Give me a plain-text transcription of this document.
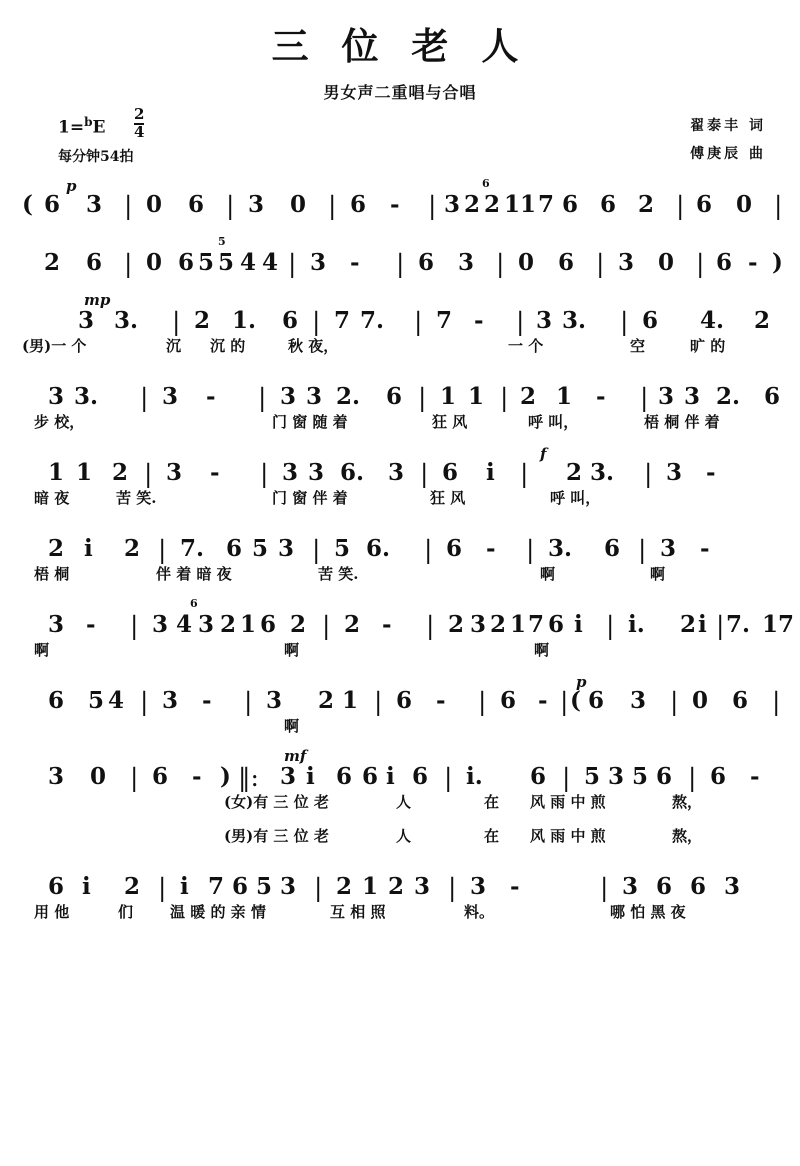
三 位 老 人
男女声二重唱与合唱
$1=^bE \frac{2}{4}$
每分钟54拍
翟泰丰 词
傅庚辰 曲
p
( 6 3 | 0 6 | 3 0 | 6 - | 3 2 2 1 1 7 6 6 2 | 6 0 |
6
2 6 | 0 6 5 5 4 4 | 3 - | 6 3 | 0 6 | 3 0 | 6 - )
5
mp
3 3. | 2 1. 6 | 7 7. | 7 - | 3 3. | 6 4. 2
(男)一 个	沉 沉 的	秋 夜，	一 个	空	旷 的
3 3. | 3 - | 3 3 2. 6 | 1 1 | 2 1 - | 3 3 2. 6
步 校，	门 窗 随 着	狂 风	呼 叫，	梧 桐 伴 着
f
1 1 2 | 3 - | 3 3 6. 3 | 6 i | 2 3. | 3 -
暗 夜	苦 笑.	门 窗 伴 着	狂 风	呼 叫，
2 i 2 | 7. 6 5 3 | 5 6. | 6 - | 3. 6 | 3 -
梧 桐	伴 着 暗 夜	苦 笑.	啊	啊
3 - | 3 4 3 2 1 6 2 | 2 - | 2 3 2 1 7 6 i | i. 2 i | 7. 1 7
6
啊	啊	啊
p
6 5 4 | 3 - | 3 2 1 | 6 - | 6 - | ( 6 3 | 0 6 |
啊
mf
3 0 | 6 - ) ‖: 3 i 6 6 i 6 | i. 6 | 5 3 5 6 | 6 -
(女)有 三 位 老	人	在 风 雨 中 煎	熬，
(男)有 三 位 老	人	在 风 雨 中 煎	熬，
6 i 2 | i 7 6 5 3 | 2 1 2 3 | 3 -	| 3 6 6 3
用 他	们 温 暖 的 亲 情	互 相 照	料。	哪 怕 黑 夜
